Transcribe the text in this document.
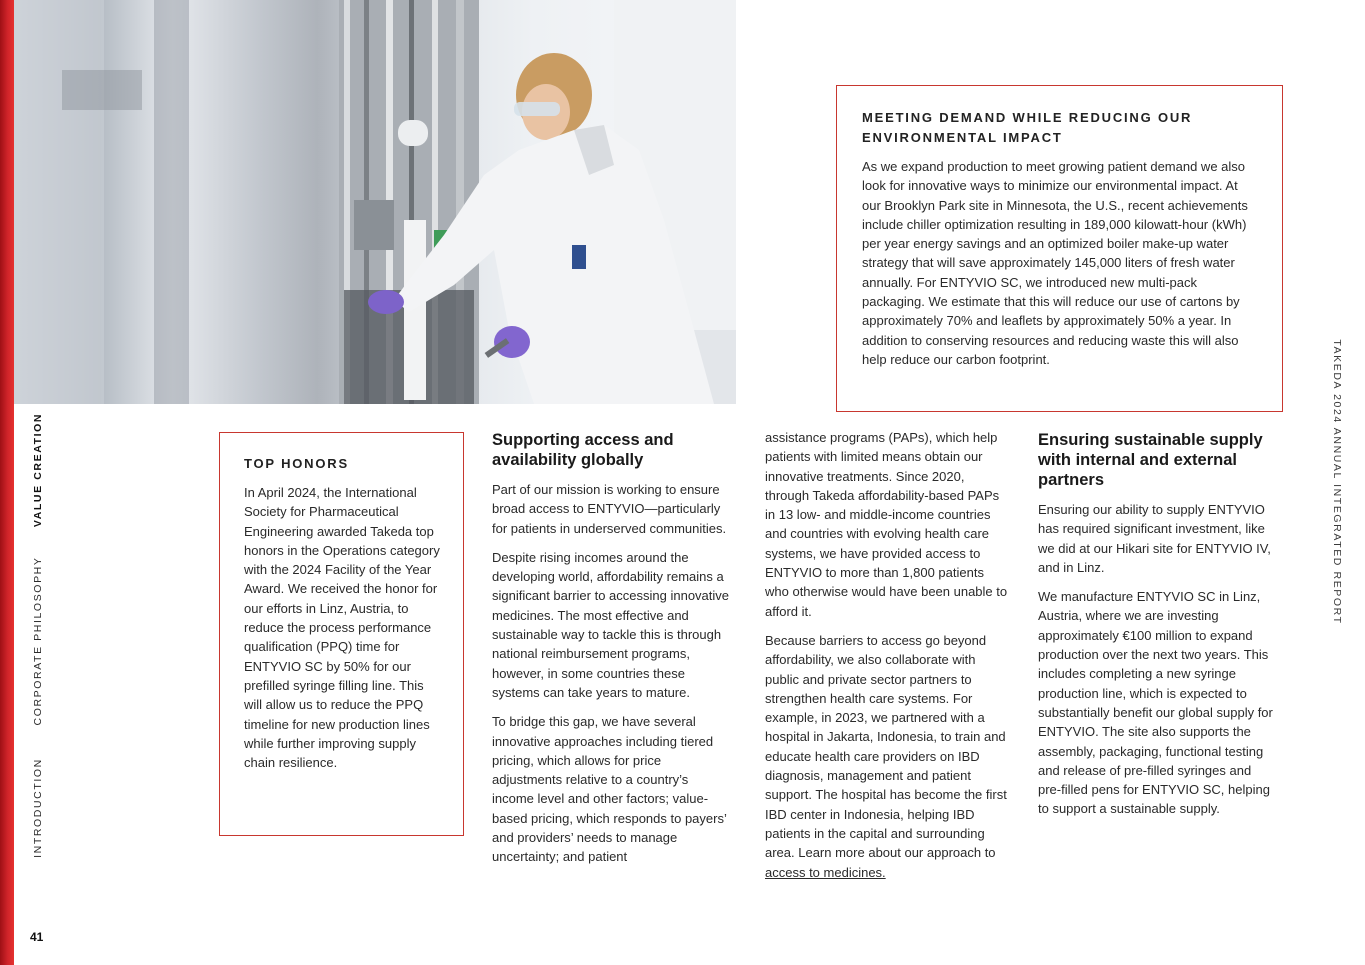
VALUE CREATION
CORPORATE PHILOSOPHY
INTRODUCTION
41
MEETING DEMAND WHILE REDUCING OUR ENVIRONMENTAL IMPACT
As we expand production to meet growing patient demand we also look for innovative ways to minimize our environmental impact. At our Brooklyn Park site in Minnesota, the U.S., recent achievements include chiller optimization resulting in 189,000 kilowatt-hour (kWh) per year energy savings and an optimized boiler make-up water strategy that will save approximately 145,000 liters of fresh water annually. For ENTYVIO SC, we introduced new multi-pack packaging. We estimate that this will reduce our use of cartons by approximately 70% and leaflets by approximately 50% a year. In addition to conserving resources and reducing waste this will also help reduce our carbon footprint.
TOP HONORS
In April 2024, the International Society for Pharmaceutical Engineering awarded Takeda top honors in the Operations category with the 2024 Facility of the Year Award. We received the honor for our efforts in Linz, Austria, to reduce the process performance qualification (PPQ) time for ENTYVIO SC by 50% for our prefilled syringe filling line. This will allow us to reduce the PPQ timeline for new production lines while further improving supply chain resilience.
Supporting access and availability globally

Part of our mission is working to ensure broad access to ENTYVIO—particularly for patients in underserved communities.

Despite rising incomes around the developing world, affordability remains a significant barrier to accessing innovative medicines. The most effective and sustainable way to tackle this is through national reimbursement programs, however, in some countries these systems can take years to mature.

To bridge this gap, we have several innovative approaches including tiered pricing, which allows for price adjustments relative to a country’s income level and other factors; value-based pricing, which responds to payers’ and providers’ needs to manage uncertainty; and patient

assistance programs (PAPs), which help patients with limited means obtain our innovative treatments. Since 2020, through Takeda affordability-based PAPs in 13 low- and middle-income countries and countries with evolving health care systems, we have provided access to ENTYVIO to more than 1,800 patients who otherwise would have been unable to afford it.

Because barriers to access go beyond affordability, we also collaborate with public and private sector partners to strengthen health care systems. For example, in 2023, we partnered with a hospital in Jakarta, Indonesia, to train and educate health care providers on IBD diagnosis, management and patient support. The hospital has become the first IBD center in Indonesia, helping IBD patients in the capital and surrounding area. Learn more about our approach to access to medicines.

Ensuring sustainable supply with internal and external partners

Ensuring our ability to supply ENTYVIO has required significant investment, like we did at our Hikari site for ENTYVIO IV, and in Linz.

We manufacture ENTYVIO SC in Linz, Austria, where we are investing approximately €100 million to expand production over the next two years. This includes completing a new syringe production line, which is expected to substantially benefit our global supply for ENTYVIO. The site also supports the assembly, packaging, functional testing and release of pre-filled syringes and pre-filled pens for ENTYVIO SC, helping to support a sustainable supply.

TAKEDA 2024 ANNUAL INTEGRATED REPORT
